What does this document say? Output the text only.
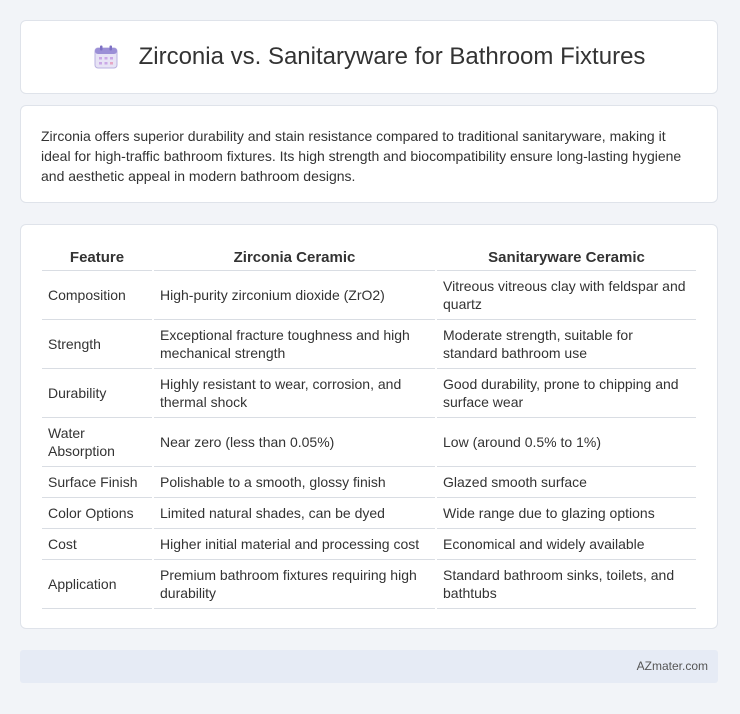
Zirconia vs. Sanitaryware for Bathroom Fixtures

Zirconia offers superior durability and stain resistance compared to traditional sanitaryware, making it ideal for high-traffic bathroom fixtures. Its high strength and biocompatibility ensure long-lasting hygiene and aesthetic appeal in modern bathroom designs.

Feature	Zirconia Ceramic	Sanitaryware Ceramic
Composition	High-purity zirconium dioxide (ZrO2)	Vitreous vitreous clay with feldspar and quartz
Strength	Exceptional fracture toughness and high mechanical strength	Moderate strength, suitable for standard bathroom use
Durability	Highly resistant to wear, corrosion, and thermal shock	Good durability, prone to chipping and surface wear
Water Absorption	Near zero (less than 0.05%)	Low (around 0.5% to 1%)
Surface Finish	Polishable to a smooth, glossy finish	Glazed smooth surface
Color Options	Limited natural shades, can be dyed	Wide range due to glazing options
Cost	Higher initial material and processing cost	Economical and widely available
Application	Premium bathroom fixtures requiring high durability	Standard bathroom sinks, toilets, and bathtubs
AZmater.com
